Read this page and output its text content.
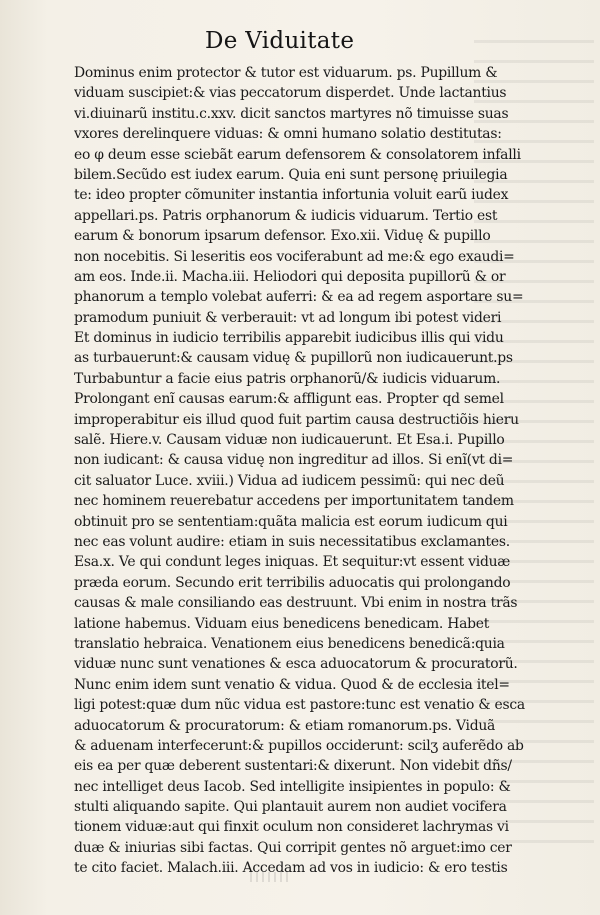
De Viduitate
Dominus enim protector & tutor est viduarum. ps. Pupillum &
viduam suscipiet:& vias peccatorum disperdet. Unde lactantius
vi.diuinarũ institu.c.xxv. dicit sanctos martyres nõ timuisse suas
vxores derelinquere viduas: & omni humano solatio destitutas:
eo φ deum esse sciebãt earum defensorem & consolatorem infalli
bilem.Secũdo est iudex earum. Quia eni sunt personę priuilegia
te: ideo propter cõmuniter instantia infortunia voluit earũ iudex
appellari.ps. Patris orphanorum & iudicis viduarum. Tertio est
earum & bonorum ipsarum defensor. Exo.xii. Viduę & pupillo
non nocebitis. Si leseritis eos vociferabunt ad me:& ego exaudi=
am eos. Inde.ii. Macha.iii. Heliodori qui deposita pupillorũ & or
phanorum a templo volebat auferri: & ea ad regem asportare su=
pramodum puniuit & verberauit: vt ad longum ibi potest videri
Et dominus in iudicio terribilis apparebit iudicibus illis qui vidu
as turbauerunt:& causam viduę & pupillorũ non iudicauerunt.ps
Turbabuntur a facie eius patris orphanorũ/& iudicis viduarum.
Prolongant enĩ causas earum:& affligunt eas. Propter qd semel
improperabitur eis illud quod fuit partim causa destructiõis hieru
salẽ. Hiere.v. Causam viduæ non iudicauerunt. Et Esa.i. Pupillo
non iudicant: & causa viduę non ingreditur ad illos. Si enĩ(vt di=
cit saluator Luce. xviii.) Vidua ad iudicem pessimũ: qui nec deũ
nec hominem reuerebatur accedens per importunitatem tandem
obtinuit pro se sententiam:quãta malicia est eorum iudicum qui
nec eas volunt audire: etiam in suis necessitatibus exclamantes.
Esa.x. Ve qui condunt leges iniquas. Et sequitur:vt essent viduæ
præda eorum. Secundo erit terribilis aduocatis qui prolongando
causas & male consiliando eas destruunt. Vbi enim in nostra trãs
latione habemus. Viduam eius benedicens benedicam. Habet
translatio hebraica. Venationem eius benedicens benedicã:quia
viduæ nunc sunt venationes & esca aduocatorum & procuratorũ.
Nunc enim idem sunt venatio & vidua. Quod & de ecclesia itel=
ligi potest:quæ dum nũc vidua est pastore:tunc est venatio & esca
aduocatorum & procuratorum: & etiam romanorum.ps. Viduã
& aduenam interfecerunt:& pupillos occiderunt: scilʒ auferẽdo ab
eis ea per quæ deberent sustentari:& dixerunt. Non videbit dñs/
nec intelliget deus Iacob. Sed intelligite insipientes in populo: &
stulti aliquando sapite. Qui plantauit aurem non audiet vocifera
tionem viduæ:aut qui finxit oculum non consideret lachrymas vi
duæ & iniurias sibi factas. Qui corripit gentes nõ arguet:imo cer
te cito faciet. Malach.iii. Accedam ad vos in iudicio: & ero testis
